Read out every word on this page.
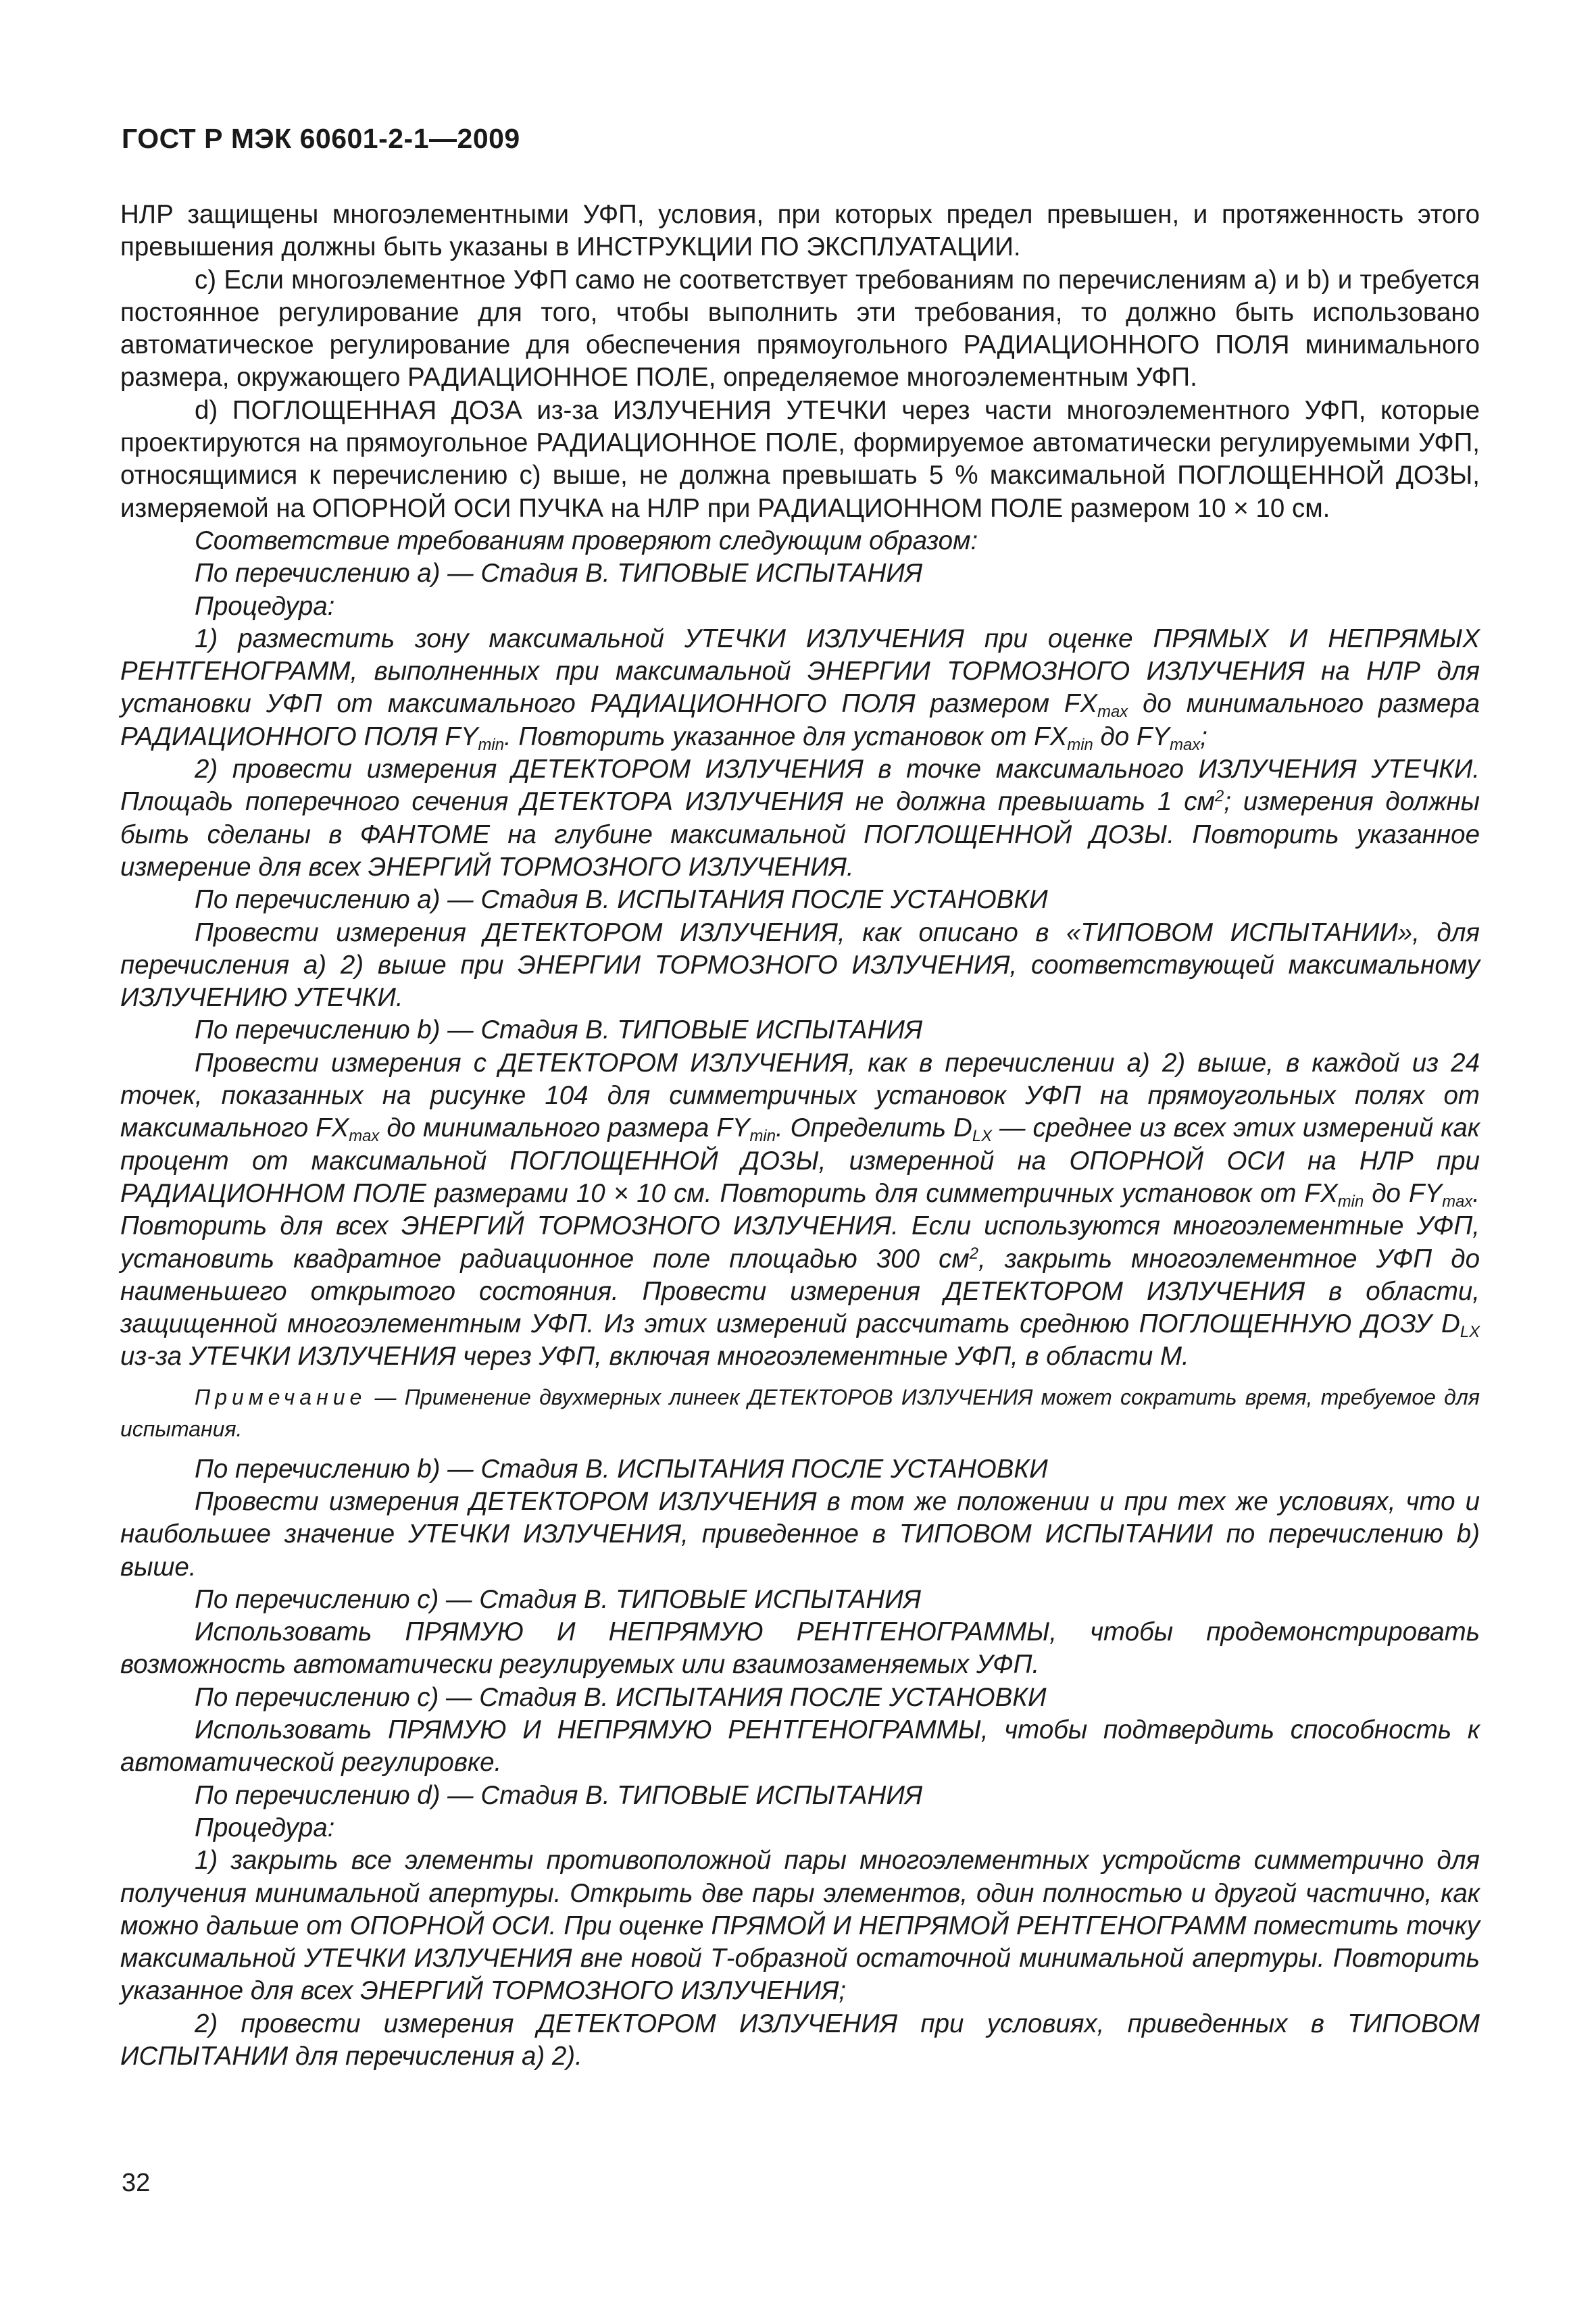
ГОСТ Р МЭК 60601-2-1—2009

НЛР защищены многоэлементными УФП, условия, при которых предел превышен, и протяженность этого превышения должны быть указаны в ИНСТРУКЦИИ ПО ЭКСПЛУАТАЦИИ.

c) Если многоэлементное УФП само не соответствует требованиям по перечислениям a) и b) и требуется постоянное регулирование для того, чтобы выполнить эти требования, то должно быть использовано автоматическое регулирование для обеспечения прямоугольного РАДИАЦИОННОГО ПОЛЯ минимального размера, окружающего РАДИАЦИОННОЕ ПОЛЕ, определяемое многоэлементным УФП.

d) ПОГЛОЩЕННАЯ ДОЗА из-за ИЗЛУЧЕНИЯ УТЕЧКИ через части многоэлементного УФП, которые проектируются на прямоугольное РАДИАЦИОННОЕ ПОЛЕ, формируемое автоматически регулируемыми УФП, относящимися к перечислению c) выше, не должна превышать 5 % максимальной ПОГЛОЩЕННОЙ ДОЗЫ, измеряемой на ОПОРНОЙ ОСИ ПУЧКА на НЛР при РАДИАЦИОННОМ ПОЛЕ размером 10 × 10 см.

Соответствие требованиям проверяют следующим образом:

По перечислению a) — Стадия B. ТИПОВЫЕ ИСПЫТАНИЯ

Процедура:

1) разместить зону максимальной УТЕЧКИ ИЗЛУЧЕНИЯ при оценке ПРЯМЫХ И НЕПРЯМЫХ РЕНТГЕНОГРАММ, выполненных при максимальной ЭНЕРГИИ ТОРМОЗНОГО ИЗЛУЧЕНИЯ на НЛР для установки УФП от максимального РАДИАЦИОННОГО ПОЛЯ размером $FX_{max}$ до минимального размера РАДИАЦИОННОГО ПОЛЯ $FY_{min}$. Повторить указанное для установок от $FX_{min}$ до $FY_{max}$;

2) провести измерения ДЕТЕКТОРОМ ИЗЛУЧЕНИЯ в точке максимального ИЗЛУЧЕНИЯ УТЕЧКИ. Площадь поперечного сечения ДЕТЕКТОРА ИЗЛУЧЕНИЯ не должна превышать 1 $см^2$; измерения должны быть сделаны в ФАНТОМЕ на глубине максимальной ПОГЛОЩЕННОЙ ДОЗЫ. Повторить указанное измерение для всех ЭНЕРГИЙ ТОРМОЗНОГО ИЗЛУЧЕНИЯ.

По перечислению a) — Стадия B. ИСПЫТАНИЯ ПОСЛЕ УСТАНОВКИ

Провести измерения ДЕТЕКТОРОМ ИЗЛУЧЕНИЯ, как описано в «ТИПОВОМ ИСПЫТАНИИ», для перечисления a) 2) выше при ЭНЕРГИИ ТОРМОЗНОГО ИЗЛУЧЕНИЯ, соответствующей максимальному ИЗЛУЧЕНИЮ УТЕЧКИ.

По перечислению b) — Стадия B. ТИПОВЫЕ ИСПЫТАНИЯ

Провести измерения с ДЕТЕКТОРОМ ИЗЛУЧЕНИЯ, как в перечислении a) 2) выше, в каждой из 24 точек, показанных на рисунке 104 для симметричных установок УФП на прямоугольных полях от максимального $FX_{max}$ до минимального размера $FY_{min}$. Определить $D_{LX}$ — среднее из всех этих измерений как процент от максимальной ПОГЛОЩЕННОЙ ДОЗЫ, измеренной на ОПОРНОЙ ОСИ на НЛР при РАДИАЦИОННОМ ПОЛЕ размерами 10 × 10 см. Повторить для симметричных установок от $FX_{min}$ до $FY_{max}$. Повторить для всех ЭНЕРГИЙ ТОРМОЗНОГО ИЗЛУЧЕНИЯ. Если используются многоэлементные УФП, установить квадратное радиационное поле площадью 300 $см^2$, закрыть многоэлементное УФП до наименьшего открытого состояния. Провести измерения ДЕТЕКТОРОМ ИЗЛУЧЕНИЯ в области, защищенной многоэлементным УФП. Из этих измерений рассчитать среднюю ПОГЛОЩЕННУЮ ДОЗУ $D_{LX}$ из-за УТЕЧКИ ИЗЛУЧЕНИЯ через УФП, включая многоэлементные УФП, в области M.

Примечание — Применение двухмерных линеек ДЕТЕКТОРОВ ИЗЛУЧЕНИЯ может сократить время, требуемое для испытания.

По перечислению b) — Стадия B. ИСПЫТАНИЯ ПОСЛЕ УСТАНОВКИ

Провести измерения ДЕТЕКТОРОМ ИЗЛУЧЕНИЯ в том же положении и при тех же условиях, что и наибольшее значение УТЕЧКИ ИЗЛУЧЕНИЯ, приведенное в ТИПОВОМ ИСПЫТАНИИ по перечислению b) выше.

По перечислению c) — Стадия B. ТИПОВЫЕ ИСПЫТАНИЯ

Использовать ПРЯМУЮ И НЕПРЯМУЮ РЕНТГЕНОГРАММЫ, чтобы продемонстрировать возможность автоматически регулируемых или взаимозаменяемых УФП.

По перечислению c) — Стадия B. ИСПЫТАНИЯ ПОСЛЕ УСТАНОВКИ

Использовать ПРЯМУЮ И НЕПРЯМУЮ РЕНТГЕНОГРАММЫ, чтобы подтвердить способность к автоматической регулировке.

По перечислению d) — Стадия B. ТИПОВЫЕ ИСПЫТАНИЯ

Процедура:

1) закрыть все элементы противоположной пары многоэлементных устройств симметрично для получения минимальной апертуры. Открыть две пары элементов, один полностью и другой частично, как можно дальше от ОПОРНОЙ ОСИ. При оценке ПРЯМОЙ И НЕПРЯМОЙ РЕНТГЕНОГРАММ поместить точку максимальной УТЕЧКИ ИЗЛУЧЕНИЯ вне новой Т-образной остаточной минимальной апертуры. Повторить указанное для всех ЭНЕРГИЙ ТОРМОЗНОГО ИЗЛУЧЕНИЯ;

2) провести измерения ДЕТЕКТОРОМ ИЗЛУЧЕНИЯ при условиях, приведенных в ТИПОВОМ ИСПЫТАНИИ для перечисления a) 2).

32
